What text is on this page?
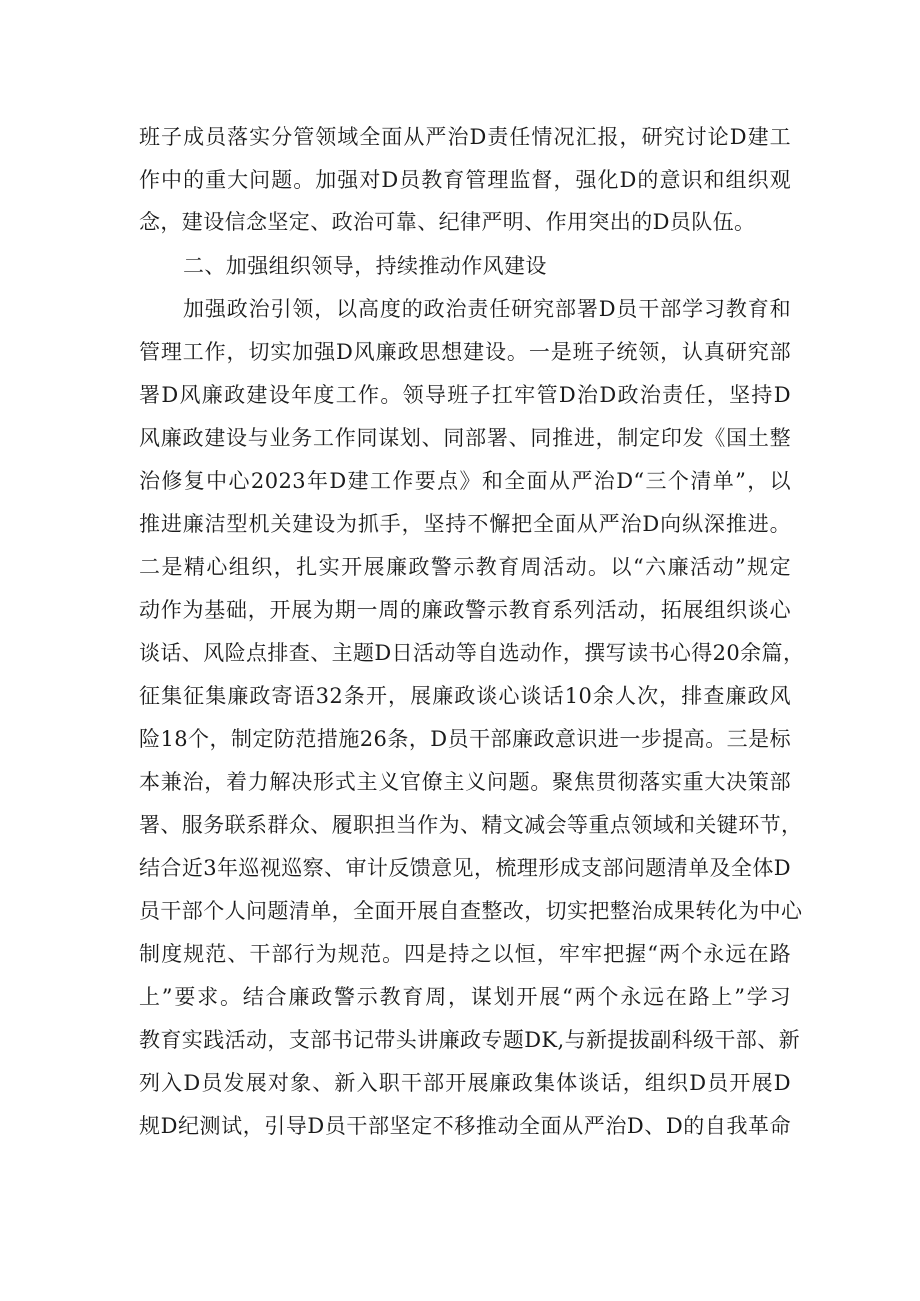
班子成员落实分管领域全面从严治D责任情况汇报，研究讨论D建工
作中的重大问题。加强对D员教育管理监督，强化D的意识和组织观
念，建设信念坚定、政治可靠、纪律严明、作用突出的D员队伍。
二、加强组织领导，持续推动作风建设
加强政治引领，以高度的政治责任研究部署D员干部学习教育和
管理工作，切实加强D风廉政思想建设。一是班子统领，认真研究部
署D风廉政建设年度工作。领导班子扛牢管D治D政治责任，坚持D
风廉政建设与业务工作同谋划、同部署、同推进，制定印发《国土整
治修复中心2023年D建工作要点》和全面从严治D“三个清单”，以
推进廉洁型机关建设为抓手，坚持不懈把全面从严治D向纵深推进。
二是精心组织，扎实开展廉政警示教育周活动。以“六廉活动”规定
动作为基础，开展为期一周的廉政警示教育系列活动，拓展组织谈心
谈话、风险点排查、主题D日活动等自选动作，撰写读书心得20余篇，
征集征集廉政寄语32条开，展廉政谈心谈话10余人次，排查廉政风
险18个，制定防范措施26条，D员干部廉政意识进一步提高。三是标
本兼治，着力解决形式主义官僚主义问题。聚焦贯彻落实重大决策部
署、服务联系群众、履职担当作为、精文减会等重点领域和关键环节，
结合近3年巡视巡察、审计反馈意见，梳理形成支部问题清单及全体D
员干部个人问题清单，全面开展自查整改，切实把整治成果转化为中心
制度规范、干部行为规范。四是持之以恒，牢牢把握“两个永远在路
上”要求。结合廉政警示教育周，谋划开展“两个永远在路上”学习
教育实践活动，支部书记带头讲廉政专题DK,与新提拔副科级干部、新
列入D员发展对象、新入职干部开展廉政集体谈话，组织D员开展D
规D纪测试，引导D员干部坚定不移推动全面从严治D、D的自我革命
